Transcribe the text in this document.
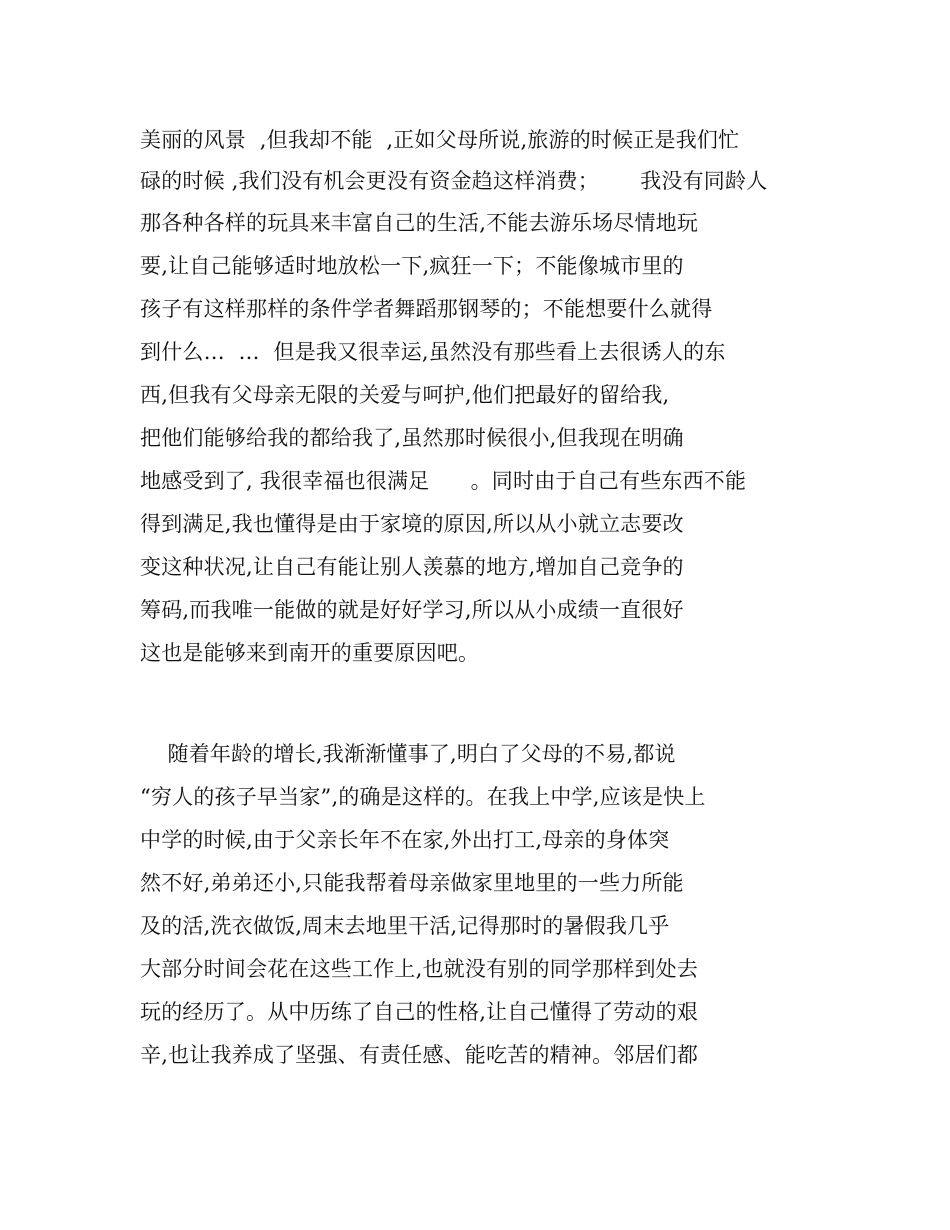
美丽的风景  ,但我却不能  ,正如父母所说,旅游的时候正是我们忙
碌的时候 ,我们没有机会更没有资金趋这样消费；      我没有同龄人
那各种各样的玩具来丰富自己的生活,不能去游乐场尽情地玩
要,让自己能够适时地放松一下,疯狂一下；不能像城市里的
孩子有这样那样的条件学者舞蹈那钢琴的；不能想要什么就得
到什么…  …  但是我又很幸运,虽然没有那些看上去很诱人的东
西,但我有父母亲无限的关爱与呵护,他们把最好的留给我,
把他们能够给我的都给我了,虽然那时候很小,但我现在明确
地感受到了, 我很幸福也很满足      。同时由于自己有些东西不能
得到满足,我也懂得是由于家境的原因,所以从小就立志要改
变这种状况,让自己有能让别人羡慕的地方,增加自己竞争的
筹码,而我唯一能做的就是好好学习,所以从小成绩一直很好
这也是能够来到南开的重要原因吧。
随着年龄的增长,我渐渐懂事了,明白了父母的不易,都说
“穷人的孩子早当家”,的确是这样的。在我上中学,应该是快上
中学的时候,由于父亲长年不在家,外出打工,母亲的身体突
然不好,弟弟还小,只能我帮着母亲做家里地里的一些力所能
及的活,洗衣做饭,周末去地里干活,记得那时的暑假我几乎
大部分时间会花在这些工作上,也就没有别的同学那样到处去
玩的经历了。从中历练了自己的性格,让自己懂得了劳动的艰
辛,也让我养成了坚强、有责任感、能吃苦的精神。邻居们都
